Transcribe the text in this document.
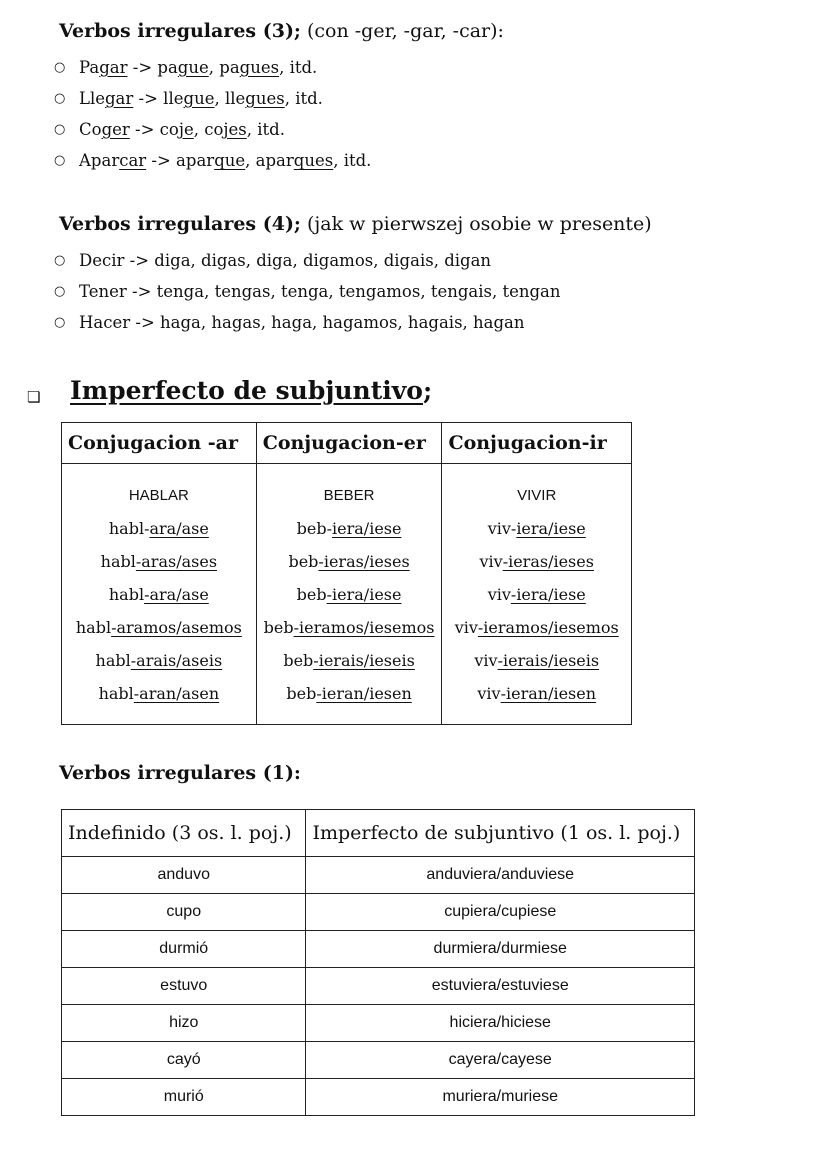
Verbos irregulares (3); (con -ger, -gar, -car):
○ Pagar -> pague, pagues, itd.
○ Llegar -> llegue, llegues, itd.
○ Coger -> coje, cojes, itd.
○ Aparcar -> aparque, aparques, itd.
Verbos irregulares (4); (jak w pierwszej osobie w presente)
○ Decir -> diga, digas, diga, digamos, digais, digan
○ Tener -> tenga, tengas, tenga, tengamos, tengais, tengan
○ Hacer -> haga, hagas, haga, hagamos, hagais, hagan
❏ Imperfecto de subjuntivo;
Conjugacion -ar	Conjugacion-er	Conjugacion-ir
HABLAR	BEBER	VIVIR
habl-ara/ase	beb-iera/iese	viv-iera/iese
habl-aras/ases	beb-ieras/ieses	viv-ieras/ieses
habl-ara/ase	beb-iera/iese	viv-iera/iese
habl-aramos/asemos	beb-ieramos/iesemos	viv-ieramos/iesemos
habl-arais/aseis	beb-ierais/ieseis	viv-ierais/ieseis
habl-aran/asen	beb-ieran/iesen	viv-ieran/iesen
Verbos irregulares (1):
Indefinido (3 os. l. poj.)	Imperfecto de subjuntivo (1 os. l. poj.)
anduvo	anduviera/anduviese
cupo	cupiera/cupiese
durmió	durmiera/durmiese
estuvo	estuviera/estuviese
hizo	hiciera/hiciese
cayó	cayera/cayese
murió	muriera/muriese
